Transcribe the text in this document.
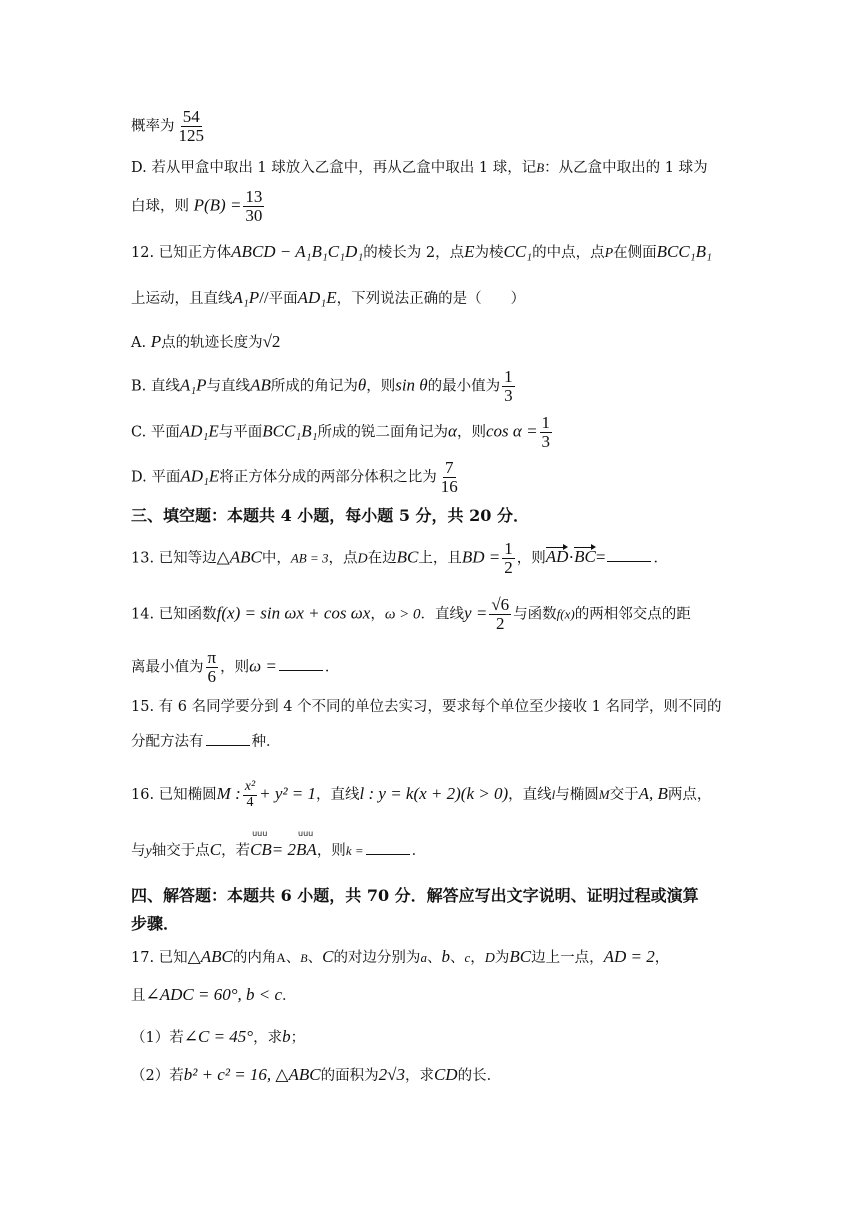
概率为 $\frac{54}{125}$
D. 若从甲盒中取出 1 球放入乙盒中，再从乙盒中取出 1 球，记B：从乙盒中取出的 1 球为
白球，则 $P(B) = \frac{13}{30}$
12. 已知正方体ABCD − A₁B₁C₁D₁的棱长为 2，点E为棱CC₁的中点，点P在侧面BCC₁B₁
上运动，且直线A₁P//平面AD₁E，下列说法正确的是（　　）
A. P点的轨迹长度为√2
B. 直线A₁P与直线AB所成的角记为θ，则sin θ的最小值为 $\frac{1}{3}$
C. 平面AD₁E与平面BCC₁B₁所成的锐二面角记为α，则$\cos \alpha = \frac{1}{3}$
D. 平面AD₁E将正方体分成的两部分体积之比为 $\frac{7}{16}$
三、填空题：本题共 4 小题，每小题 5 分，共 20 分．
13. 已知等边△ABC中，AB = 3，点D在边BC上，且BD = $\frac{1}{2}$ ，则AD·BC=	．
14. 已知函数f(x) = sin ωx + cos ωx，ω > 0．直线$y = \frac{√6}{2}$ 与函数f(x)的两相邻交点的距
离最小值为 $\frac{\pi}{6}$ ，则ω =	．
15. 有 6 名同学要分到 4 个不同的单位去实习，要求每个单位至少接收 1 名同学，则不同的
分配方法有	种．
16. 已知椭圆M : $\frac{\text{x²}}{4} + y^2 = 1$，直线l : y = k(x + 2)(k > 0)，直线l与椭圆M交于A, B两点，
与y轴交于点C，若
uuu
CB= 2
uuu
BA，则k =	．
四、解答题：本题共 6 小题，共 70 分．解答应写出文字说明、证明过程或演算
步骤．
17. 已知△ABC的内角A、B、C的对边分别为a、b、c，D为BC边上一点，AD = 2，
且∠ADC = 60°, b < c．
（1）若∠C = 45°，求b；
（2）若b² + c² = 16, △ABC的面积为2√3，求CD的长．
